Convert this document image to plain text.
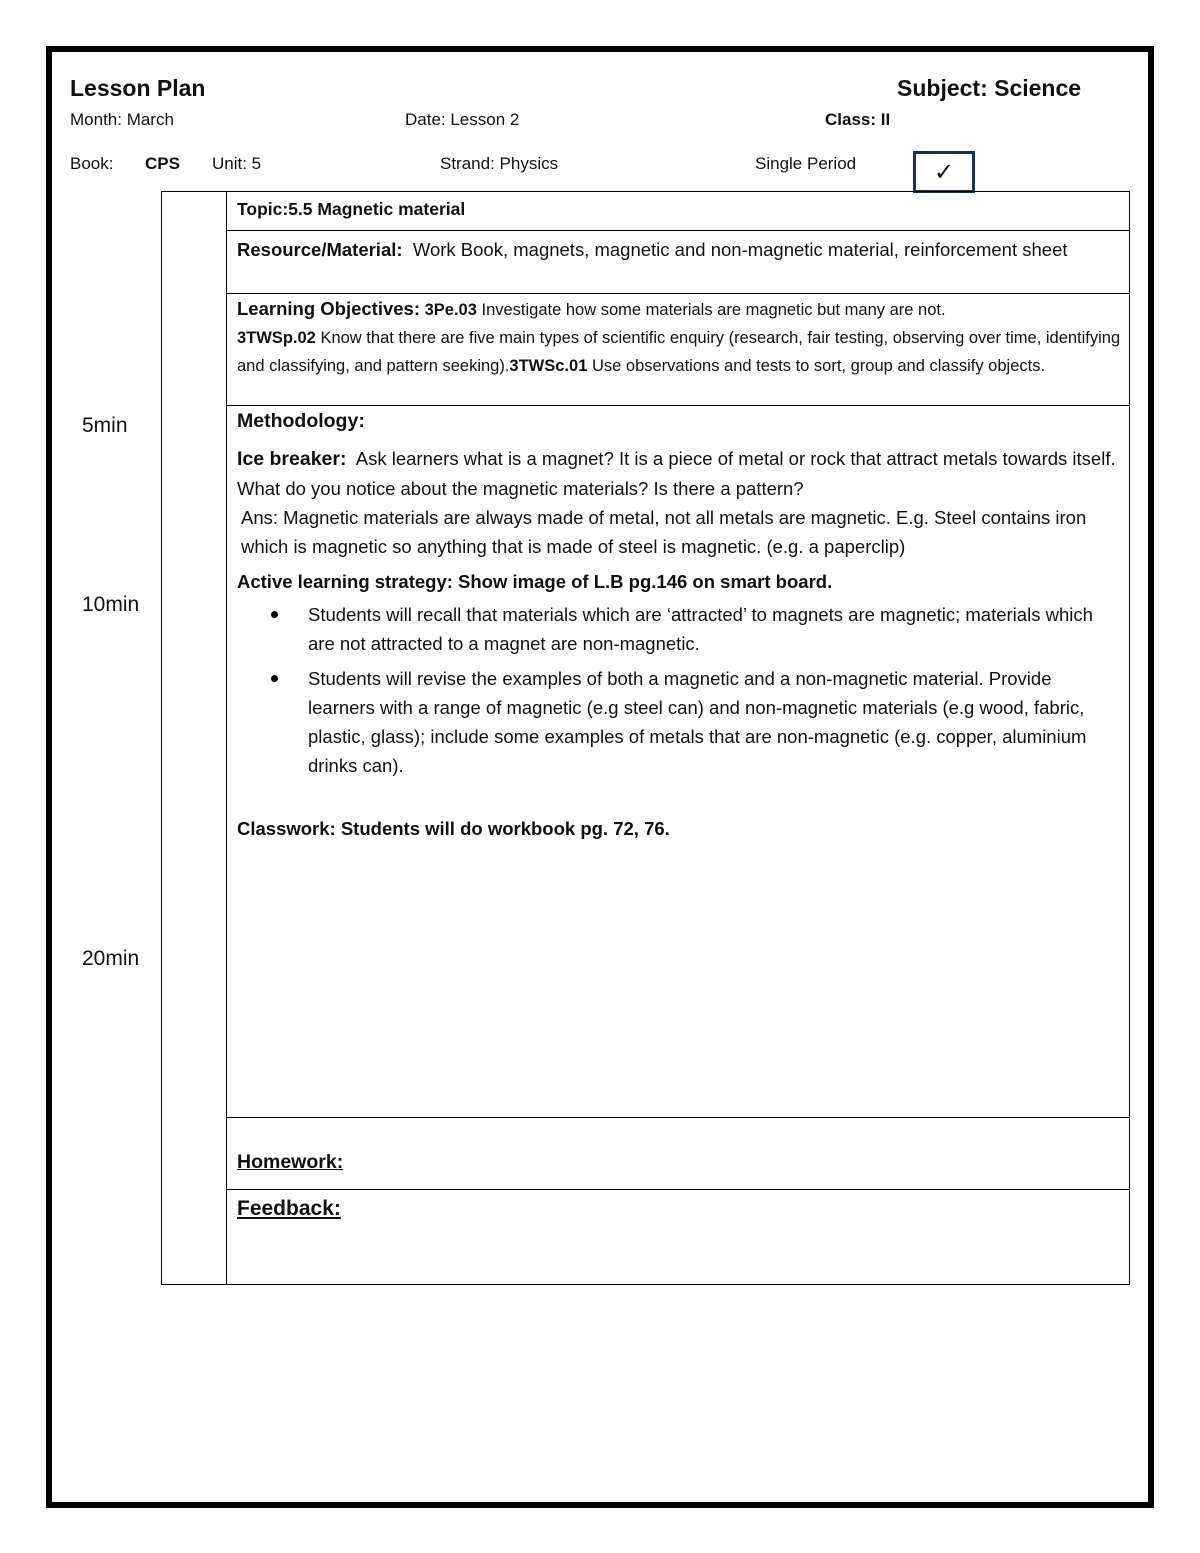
Lesson Plan	Subject: Science
Month: March	Date: Lesson 2	Class: II
Book: CPS Unit: 5	Strand: Physics	Single Period	✓
5min
10min
20min
Topic:5.5 Magnetic material
Resource/Material: Work Book, magnets, magnetic and non-magnetic material, reinforcement sheet
Learning Objectives: 3Pe.03 Investigate how some materials are magnetic but many are not.
3TWSp.02 Know that there are five main types of scientific enquiry (research, fair testing, observing over time, identifying and classifying, and pattern seeking).3TWSc.01 Use observations and tests to sort, group and classify objects.
Methodology:
Ice breaker: Ask learners what is a magnet? It is a piece of metal or rock that attract metals towards itself.
What do you notice about the magnetic materials? Is there a pattern?
Ans: Magnetic materials are always made of metal, not all metals are magnetic. E.g. Steel contains iron which is magnetic so anything that is made of steel is magnetic. (e.g. a paperclip)
Active learning strategy: Show image of L.B pg.146 on smart board.
Students will recall that materials which are ‘attracted’ to magnets are magnetic; materials which are not attracted to a magnet are non-magnetic.
Students will revise the examples of both a magnetic and a non-magnetic material. Provide learners with a range of magnetic (e.g steel can) and non-magnetic materials (e.g wood, fabric, plastic, glass); include some examples of metals that are non-magnetic (e.g. copper, aluminium drinks can).
Classwork: Students will do workbook pg. 72, 76.
Homework:
Feedback:
